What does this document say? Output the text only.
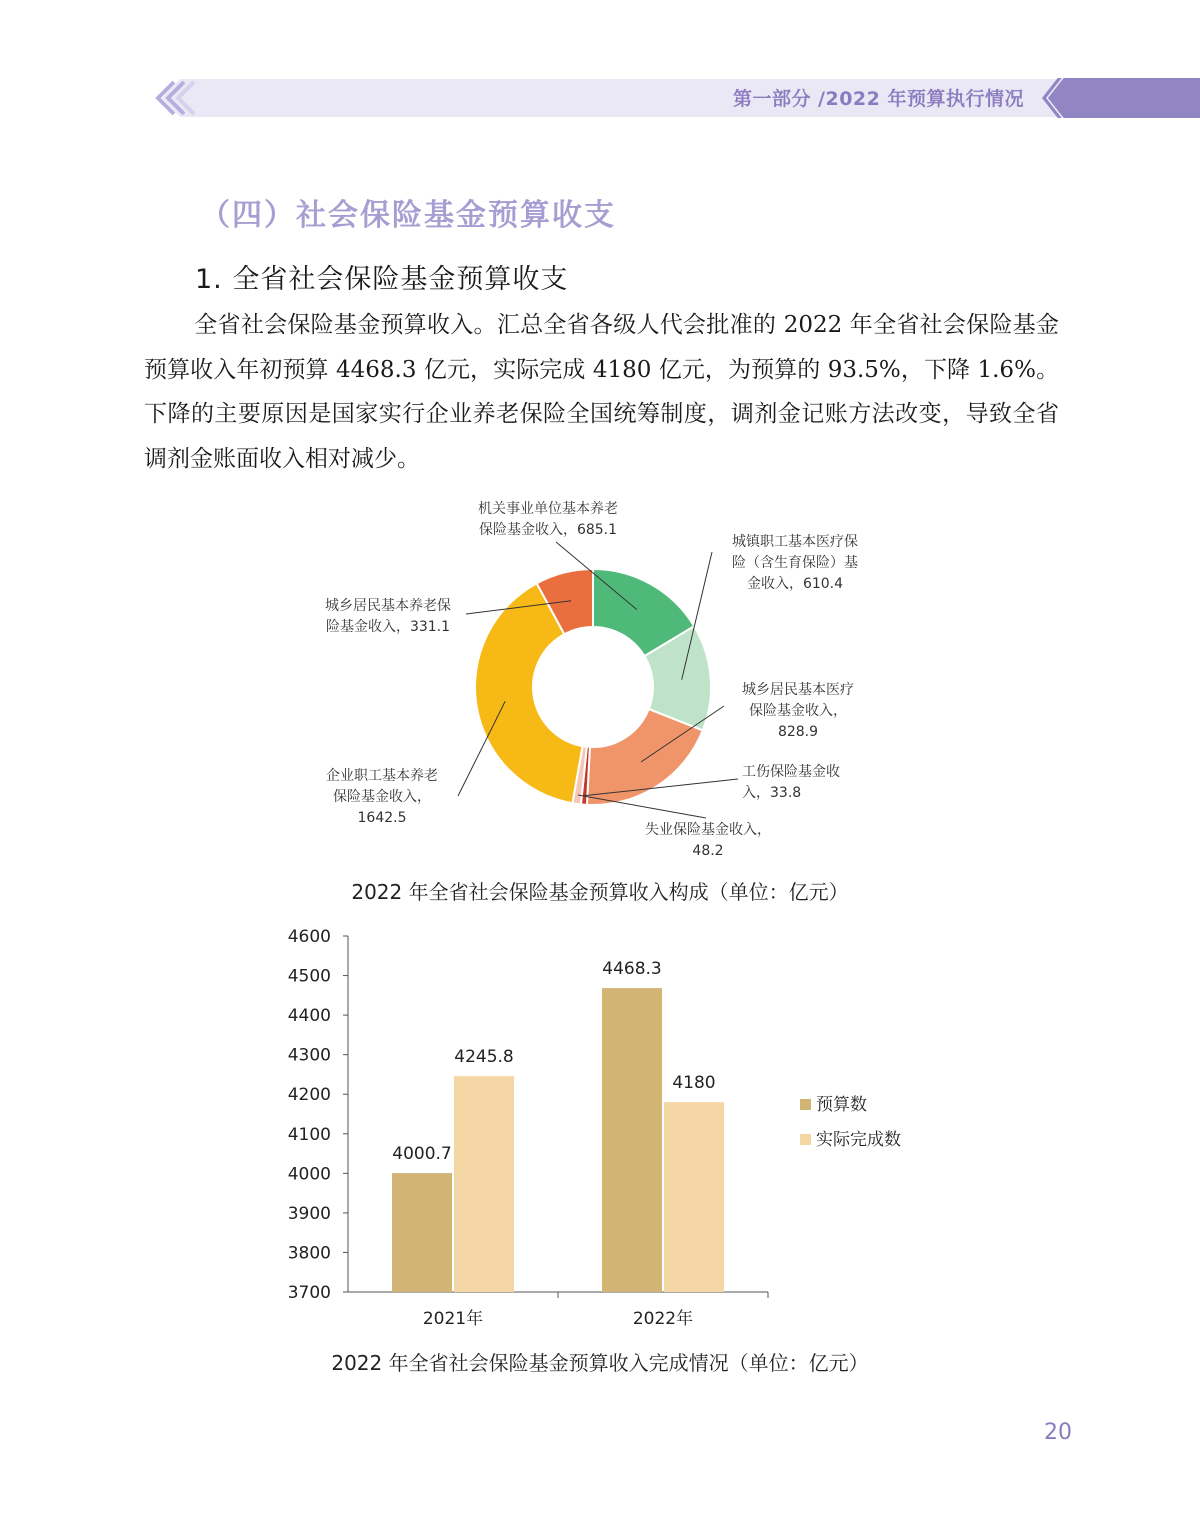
第一部分 /2022 年预算执行情况
（四）社会保险基金预算收支
1. 全省社会保险基金预算收支
全省社会保险基金预算收入。汇总全省各级人代会批准的 2022 年全省社会保险基金预算收入年初预算 4468.3 亿元，实际完成 4180 亿元，为预算的 93.5%，下降 1.6%。下降的主要原因是国家实行企业养老保险全国统筹制度，调剂金记账方法改变，导致全省调剂金账面收入相对减少。
机关事业单位基本养老
保险基金收入，685.1
城镇职工基本医疗保
险（含生育保险）基
金收入，610.4
城乡居民基本医疗
保险基金收入，
828.9
工伤保险基金收
入，33.8
失业保险基金收入，
48.2
企业职工基本养老
保险基金收入，
1642.5
城乡居民基本养老保
险基金收入，331.1
2022 年全省社会保险基金预算收入构成（单位：亿元）
3700
3800
3900
4000
4100
4200
4300
4400
4500
4600
2021年	2022年
4000.7
4245.8
4468.3
4180
预算数
实际完成数
2022 年全省社会保险基金预算收入完成情况（单位：亿元）
20
